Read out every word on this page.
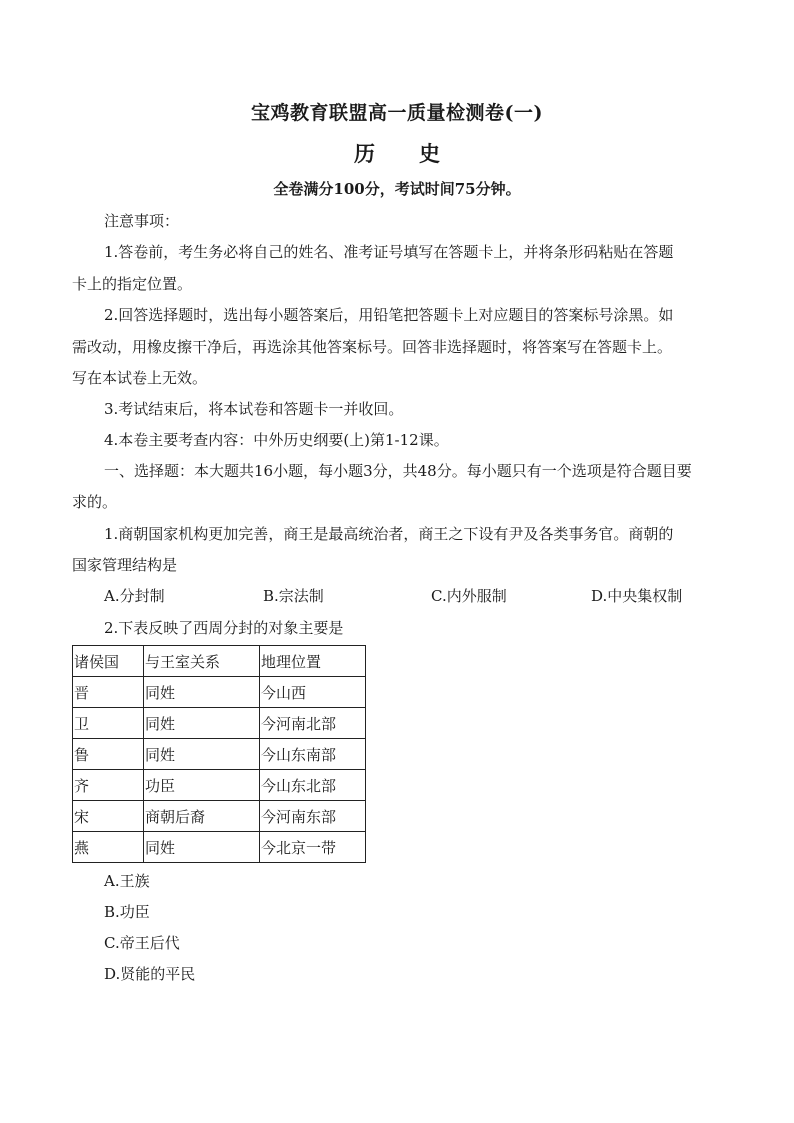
宝鸡教育联盟高一质量检测卷(一)
历 史
全卷满分100分，考试时间75分钟。
注意事项：
1.答卷前，考生务必将自己的姓名、准考证号填写在答题卡上，并将条形码粘贴在答题
卡上的指定位置。
2.回答选择题时，选出每小题答案后，用铅笔把答题卡上对应题目的答案标号涂黑。如
需改动，用橡皮擦干净后，再选涂其他答案标号。回答非选择题时，将答案写在答题卡上。
写在本试卷上无效。
3.考试结束后，将本试卷和答题卡一并收回。
4.本卷主要考查内容：中外历史纲要(上)第1-12课。
一、选择题：本大题共16小题，每小题3分，共48分。每小题只有一个选项是符合题目要
求的。
1.商朝国家机构更加完善，商王是最高统治者，商王之下设有尹及各类事务官。商朝的
国家管理结构是
A.分封制	B.宗法制	C.内外服制	D.中央集权制
2.下表反映了西周分封的对象主要是
诸侯国	与王室关系	地理位置
晋	同姓	今山西
卫	同姓	今河南北部
鲁	同姓	今山东南部
齐	功臣	今山东北部
宋	商朝后裔	今河南东部
燕	同姓	今北京一带
A.王族
B.功臣
C.帝王后代
D.贤能的平民
